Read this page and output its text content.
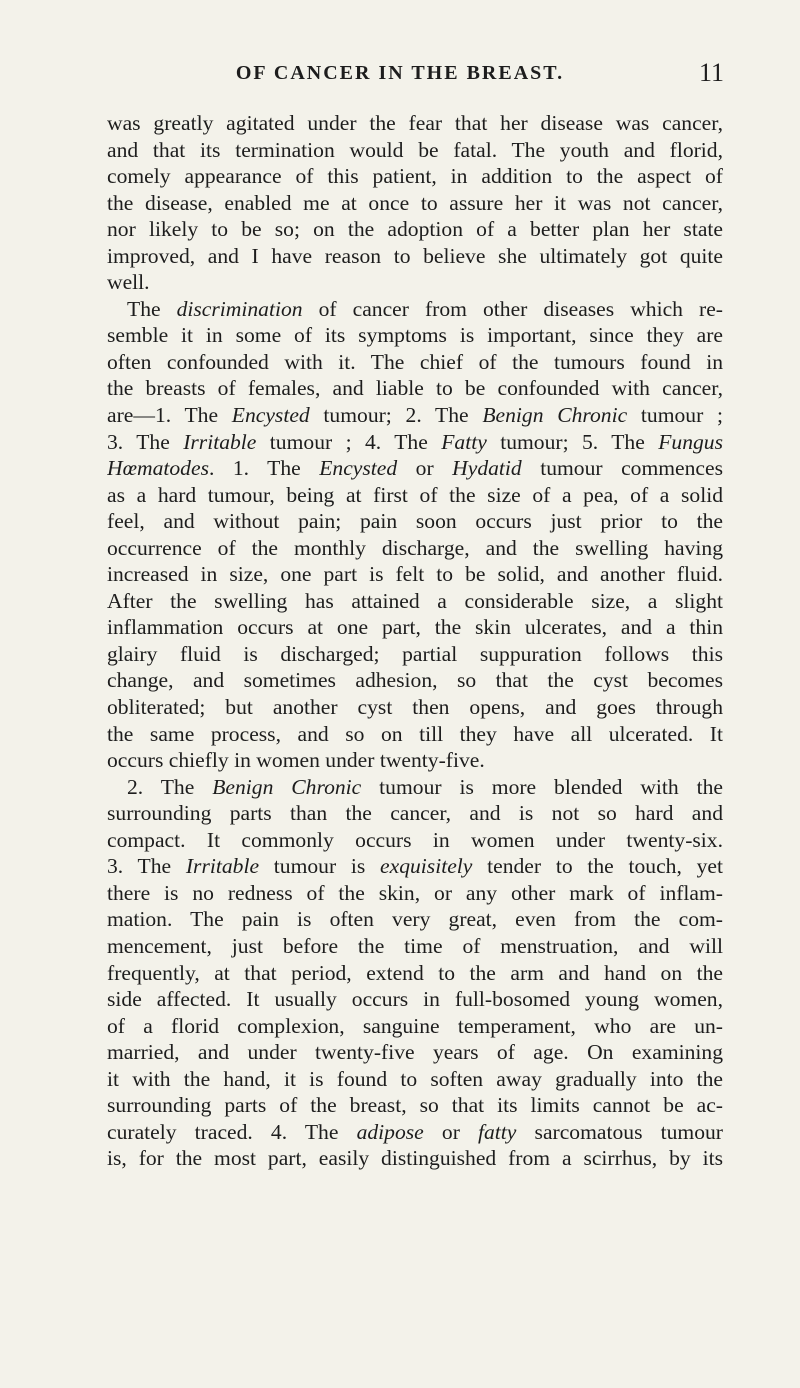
OF CANCER IN THE BREAST.	11
was greatly agitated under the fear that her disease was cancer,
and that its termination would be fatal. The youth and florid,
comely appearance of this patient, in addition to the aspect of
the disease, enabled me at once to assure her it was not cancer,
nor likely to be so; on the adoption of a better plan her state
improved, and I have reason to believe she ultimately got quite
well.
The discrimination of cancer from other diseases which re-
semble it in some of its symptoms is important, since they are
often confounded with it. The chief of the tumours found in
the breasts of females, and liable to be confounded with cancer,
are—1. The Encysted tumour; 2. The Benign Chronic tumour ;
3. The Irritable tumour ; 4. The Fatty tumour; 5. The Fungus
Hœmatodes. 1. The Encysted or Hydatid tumour commences
as a hard tumour, being at first of the size of a pea, of a solid
feel, and without pain; pain soon occurs just prior to the
occurrence of the monthly discharge, and the swelling having
increased in size, one part is felt to be solid, and another fluid.
After the swelling has attained a considerable size, a slight
inflammation occurs at one part, the skin ulcerates, and a thin
glairy fluid is discharged; partial suppuration follows this
change, and sometimes adhesion, so that the cyst becomes
obliterated; but another cyst then opens, and goes through
the same process, and so on till they have all ulcerated. It
occurs chiefly in women under twenty-five.
2. The Benign Chronic tumour is more blended with the
surrounding parts than the cancer, and is not so hard and
compact. It commonly occurs in women under twenty-six.
3. The Irritable tumour is exquisitely tender to the touch, yet
there is no redness of the skin, or any other mark of inflam-
mation. The pain is often very great, even from the com-
mencement, just before the time of menstruation, and will
frequently, at that period, extend to the arm and hand on the
side affected. It usually occurs in full-bosomed young women,
of a florid complexion, sanguine temperament, who are un-
married, and under twenty-five years of age. On examining
it with the hand, it is found to soften away gradually into the
surrounding parts of the breast, so that its limits cannot be ac-
curately traced. 4. The adipose or fatty sarcomatous tumour
is, for the most part, easily distinguished from a scirrhus, by its
